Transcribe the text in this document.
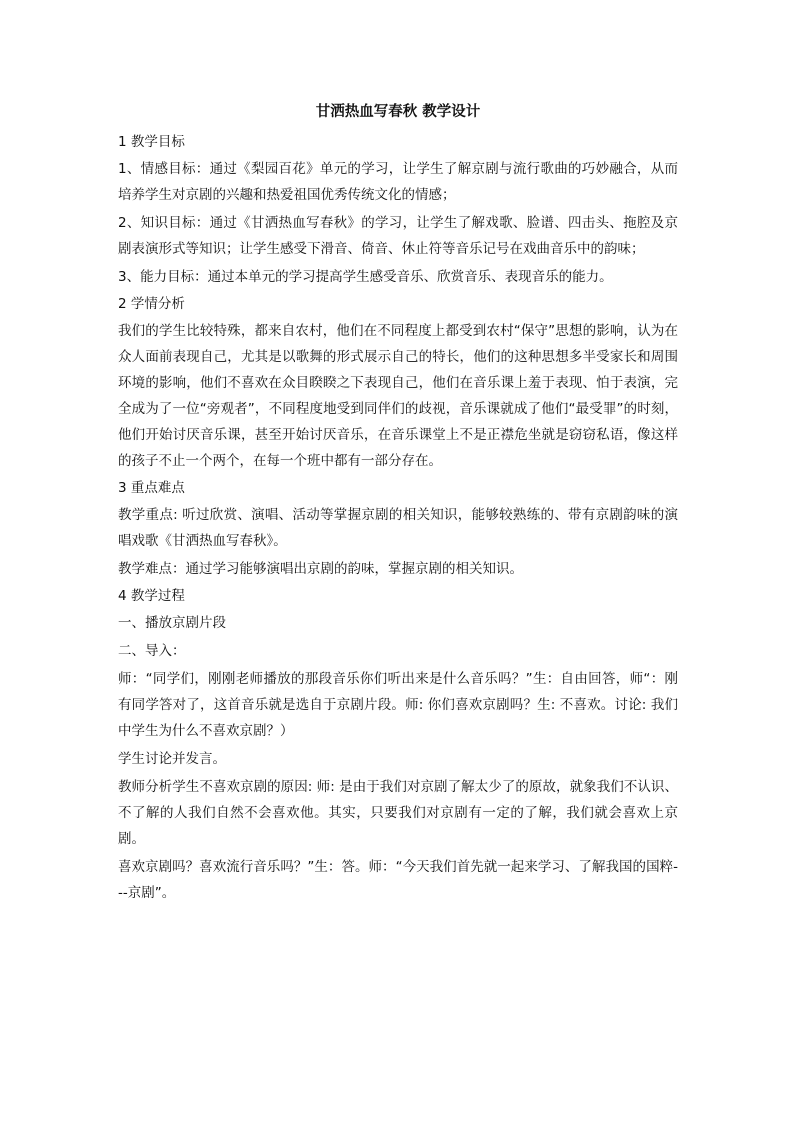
甘洒热血写春秋 教学设计
1 教学目标

1、情感目标：通过《梨园百花》单元的学习，让学生了解京剧与流行歌曲的巧妙融合，从而培养学生对京剧的兴趣和热爱祖国优秀传统文化的情感；

2、知识目标：通过《甘洒热血写春秋》的学习，让学生了解戏歌、脸谱、四击头、拖腔及京剧表演形式等知识；让学生感受下滑音、倚音、休止符等音乐记号在戏曲音乐中的韵味；

3、能力目标：通过本单元的学习提高学生感受音乐、欣赏音乐、表现音乐的能力。

2 学情分析

我们的学生比较特殊，都来自农村，他们在不同程度上都受到农村“保守”思想的影响，认为在众人面前表现自己，尤其是以歌舞的形式展示自己的特长，他们的这种思想多半受家长和周围环境的影响，他们不喜欢在众目睽睽之下表现自己，他们在音乐课上羞于表现、怕于表演，完全成为了一位“旁观者”，不同程度地受到同伴们的歧视，音乐课就成了他们“最受罪”的时刻，他们开始讨厌音乐课，甚至开始讨厌音乐，在音乐课堂上不是正襟危坐就是窃窃私语，像这样的孩子不止一个两个，在每一个班中都有一部分存在。

3 重点难点

教学重点: 听过欣赏、演唱、活动等掌握京剧的相关知识，能够较熟练的、带有京剧韵味的演唱戏歌《甘洒热血写春秋》。

教学难点：通过学习能够演唱出京剧的韵味，掌握京剧的相关知识。

4 教学过程

一、播放京剧片段

二、导入：

师：“同学们，刚刚老师播放的那段音乐你们听出来是什么音乐吗？”生：自由回答，师“：刚有同学答对了，这首音乐就是选自于京剧片段。师: 你们喜欢京剧吗？生: 不喜欢。讨论: 我们中学生为什么不喜欢京剧？）

学生讨论并发言。

教师分析学生不喜欢京剧的原因: 师: 是由于我们对京剧了解太少了的原故，就象我们不认识、不了解的人我们自然不会喜欢他。其实，只要我们对京剧有一定的了解，我们就会喜欢上京剧。

喜欢京剧吗？喜欢流行音乐吗？”生：答。师：“今天我们首先就一起来学习、了解我国的国粹---京剧”。
